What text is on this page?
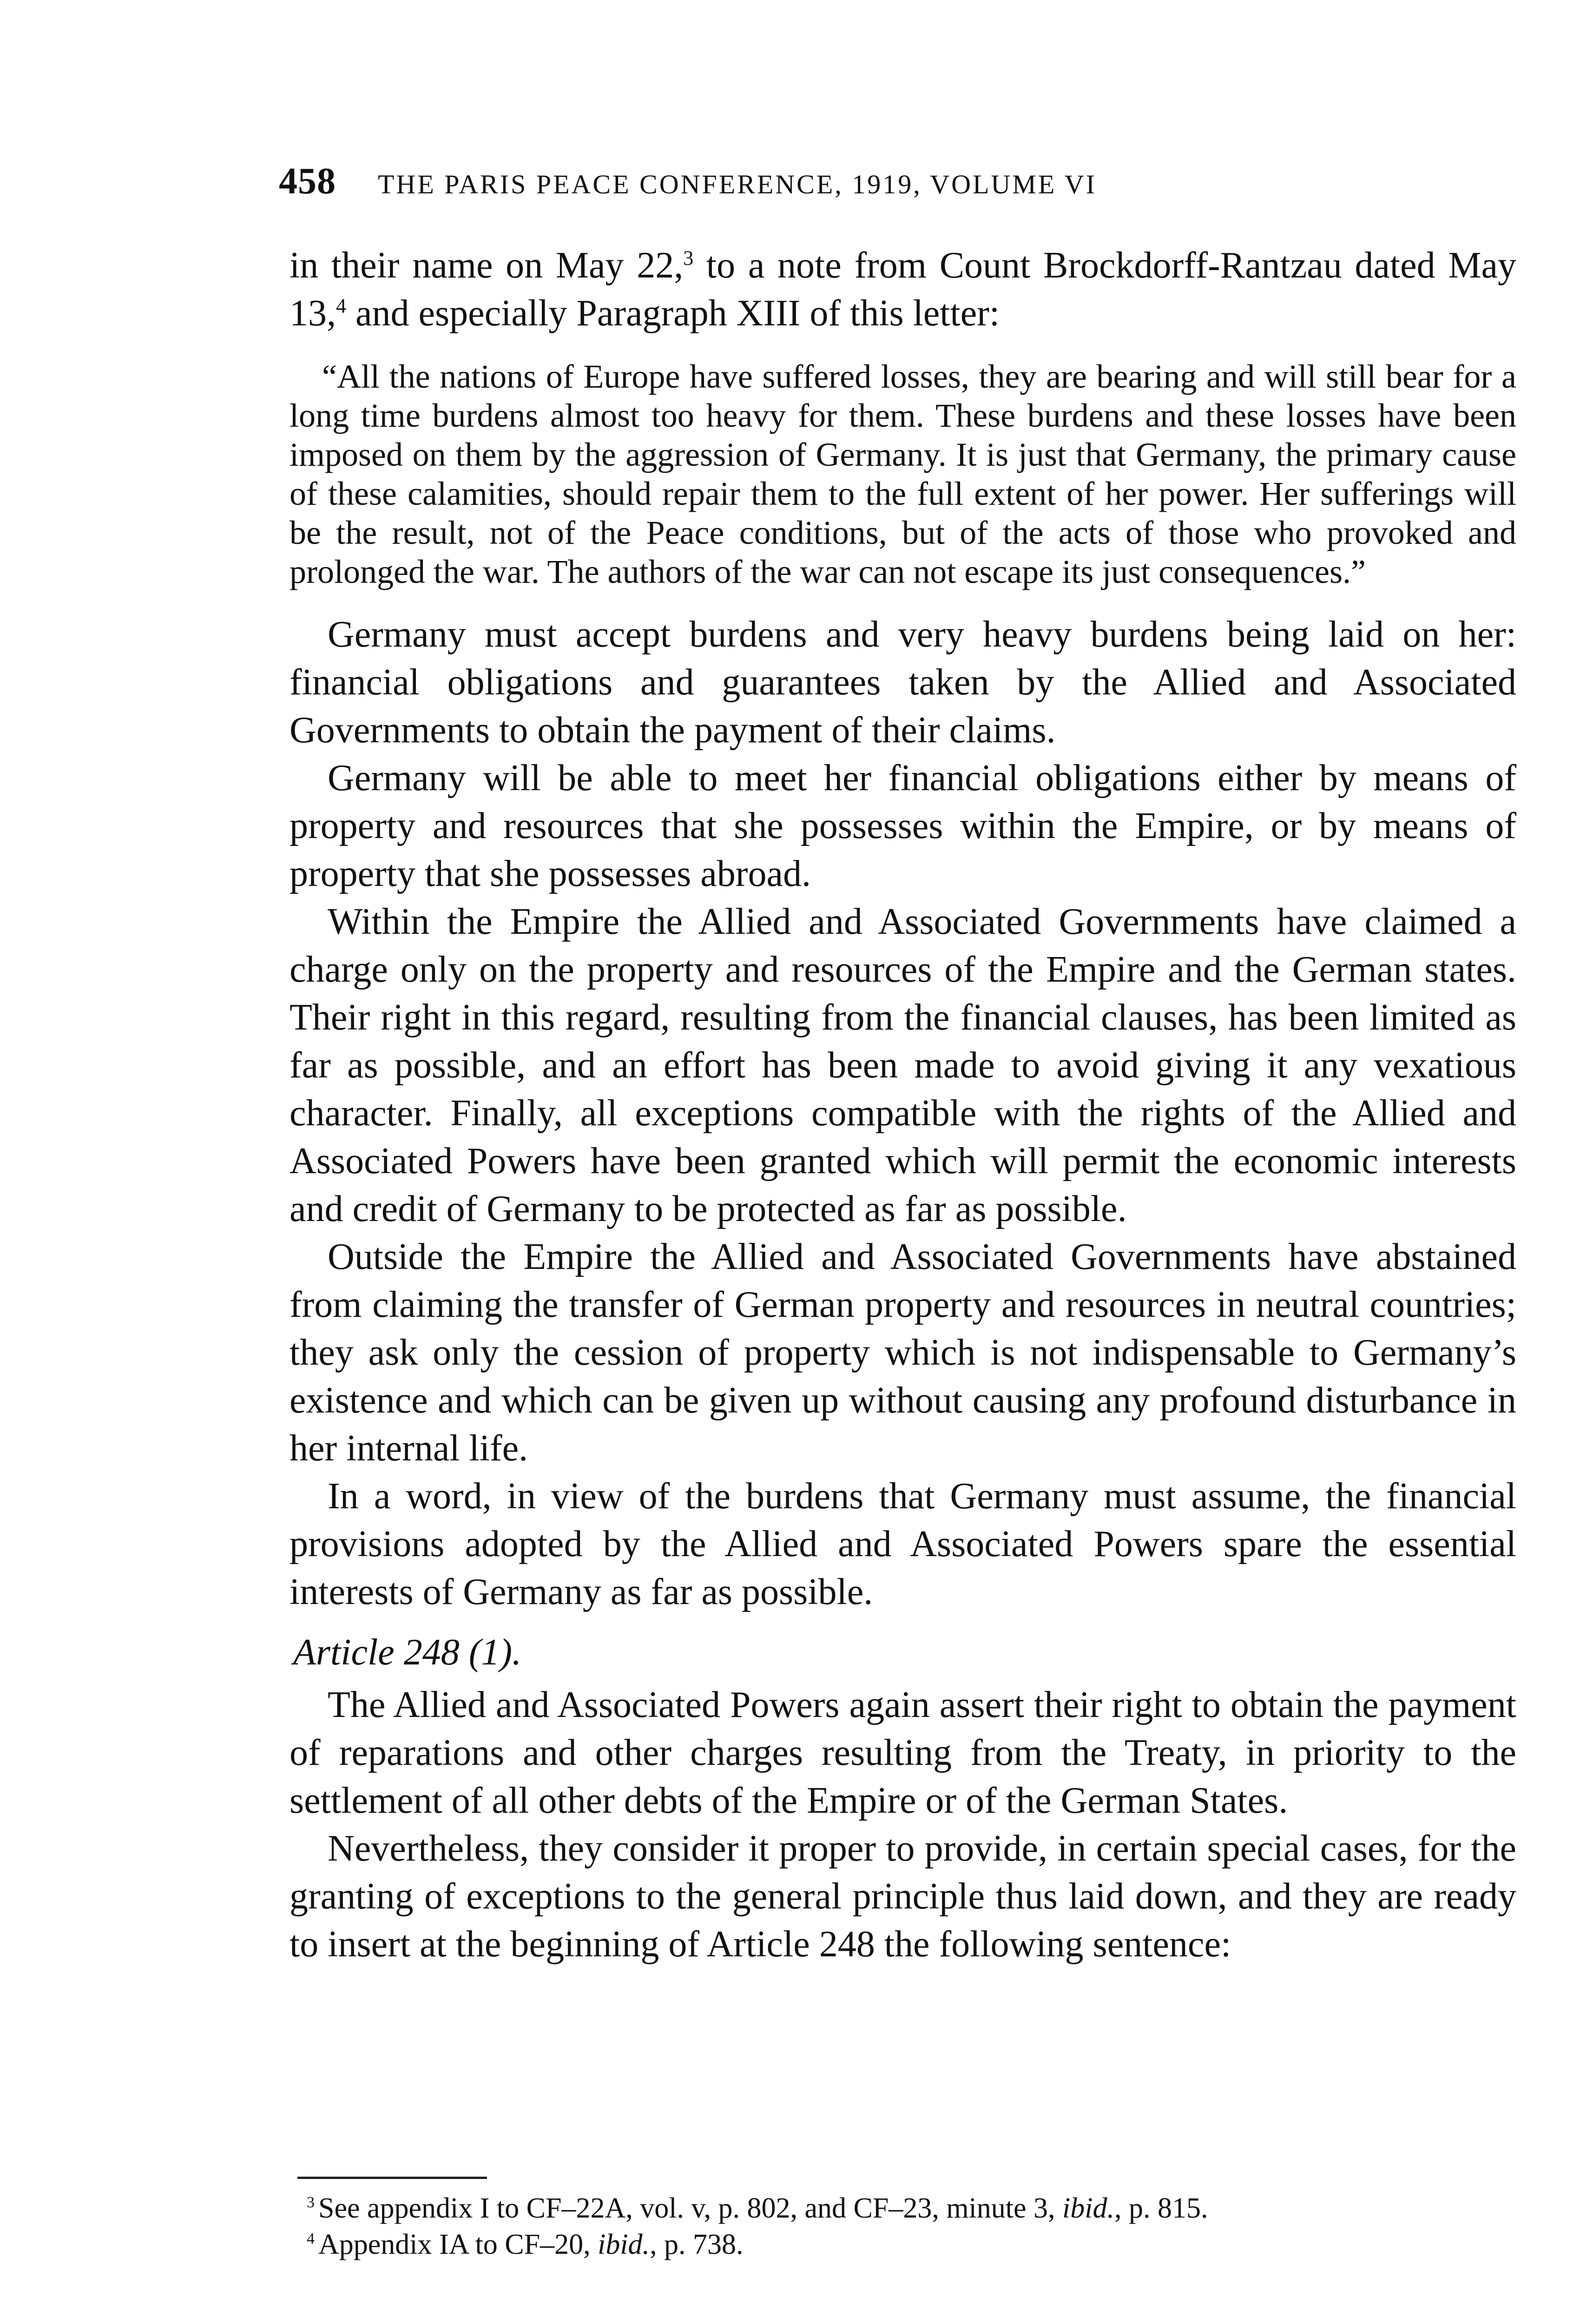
458 THE PARIS PEACE CONFERENCE, 1919, VOLUME VI

in their name on May 22,$^3$ to a note from Count Brockdorff-Rantzau dated May 13,$^4$ and especially Paragraph XIII of this letter:

“All the nations of Europe have suffered losses, they are bearing and will still bear for a long time burdens almost too heavy for them. These burdens and these losses have been imposed on them by the aggression of Germany. It is just that Germany, the primary cause of these calamities, should repair them to the full extent of her power. Her sufferings will be the result, not of the Peace conditions, but of the acts of those who provoked and prolonged the war. The authors of the war can not escape its just consequences.”

Germany must accept burdens and very heavy burdens being laid on her: financial obligations and guarantees taken by the Allied and Associated Governments to obtain the payment of their claims.

Germany will be able to meet her financial obligations either by means of property and resources that she possesses within the Empire, or by means of property that she possesses abroad.

Within the Empire the Allied and Associated Governments have claimed a charge only on the property and resources of the Empire and the German states. Their right in this regard, resulting from the financial clauses, has been limited as far as possible, and an effort has been made to avoid giving it any vexatious character. Finally, all exceptions compatible with the rights of the Allied and Associated Powers have been granted which will permit the economic interests and credit of Germany to be protected as far as possible.

Outside the Empire the Allied and Associated Governments have abstained from claiming the transfer of German property and resources in neutral countries; they ask only the cession of property which is not indispensable to Germany’s existence and which can be given up without causing any profound disturbance in her internal life.

In a word, in view of the burdens that Germany must assume, the financial provisions adopted by the Allied and Associated Powers spare the essential interests of Germany as far as possible.

Article 248 (1).

The Allied and Associated Powers again assert their right to obtain the payment of reparations and other charges resulting from the Treaty, in priority to the settlement of all other debts of the Empire or of the German States.

Nevertheless, they consider it proper to provide, in certain special cases, for the granting of exceptions to the general principle thus laid down, and they are ready to insert at the beginning of Article 248 the following sentence:

$^3$ See appendix I to CF–22A, vol. v, p. 802, and CF–23, minute 3, ibid., p. 815.
$^4$ Appendix IA to CF–20, ibid., p. 738.
